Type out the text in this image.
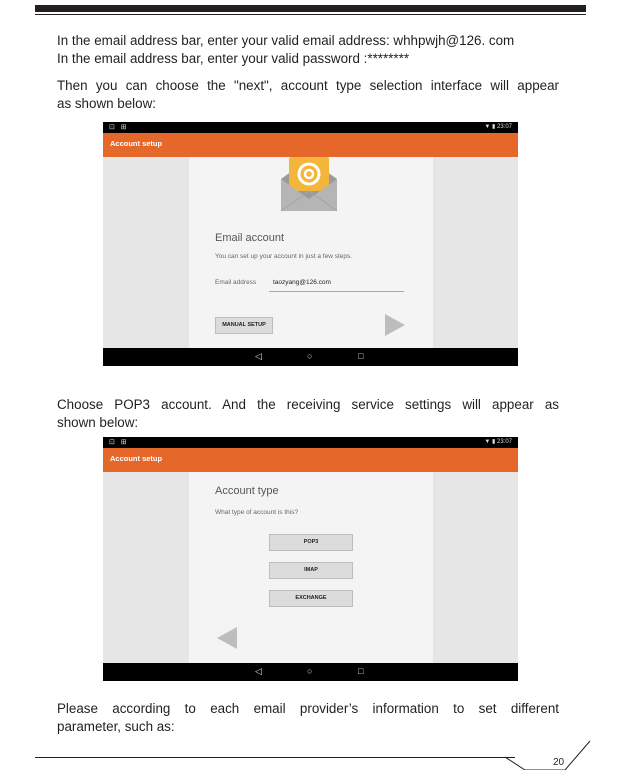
In the email address bar, enter your valid email address: whhpwjh@126. com
In the email address bar, enter your valid password :********

Then you can choose the "next", account type selection interface will appear
as shown below:

⊡ ⊞	▼ ▮ 23:07
Account setup
Email account
You can set up your account in just a few steps.
Email address	taozyang@126.com
MANUAL SETUP
◁	○	□

Choose POP3 account. And the receiving service settings will appear as
shown below:

⊡ ⊞	▼ ▮ 23:07
Account setup
Account type
What type of account is this?
POP3
IMAP
EXCHANGE
◁	○	□

Please according to each email provider’s information to set different
parameter, such as:

20
